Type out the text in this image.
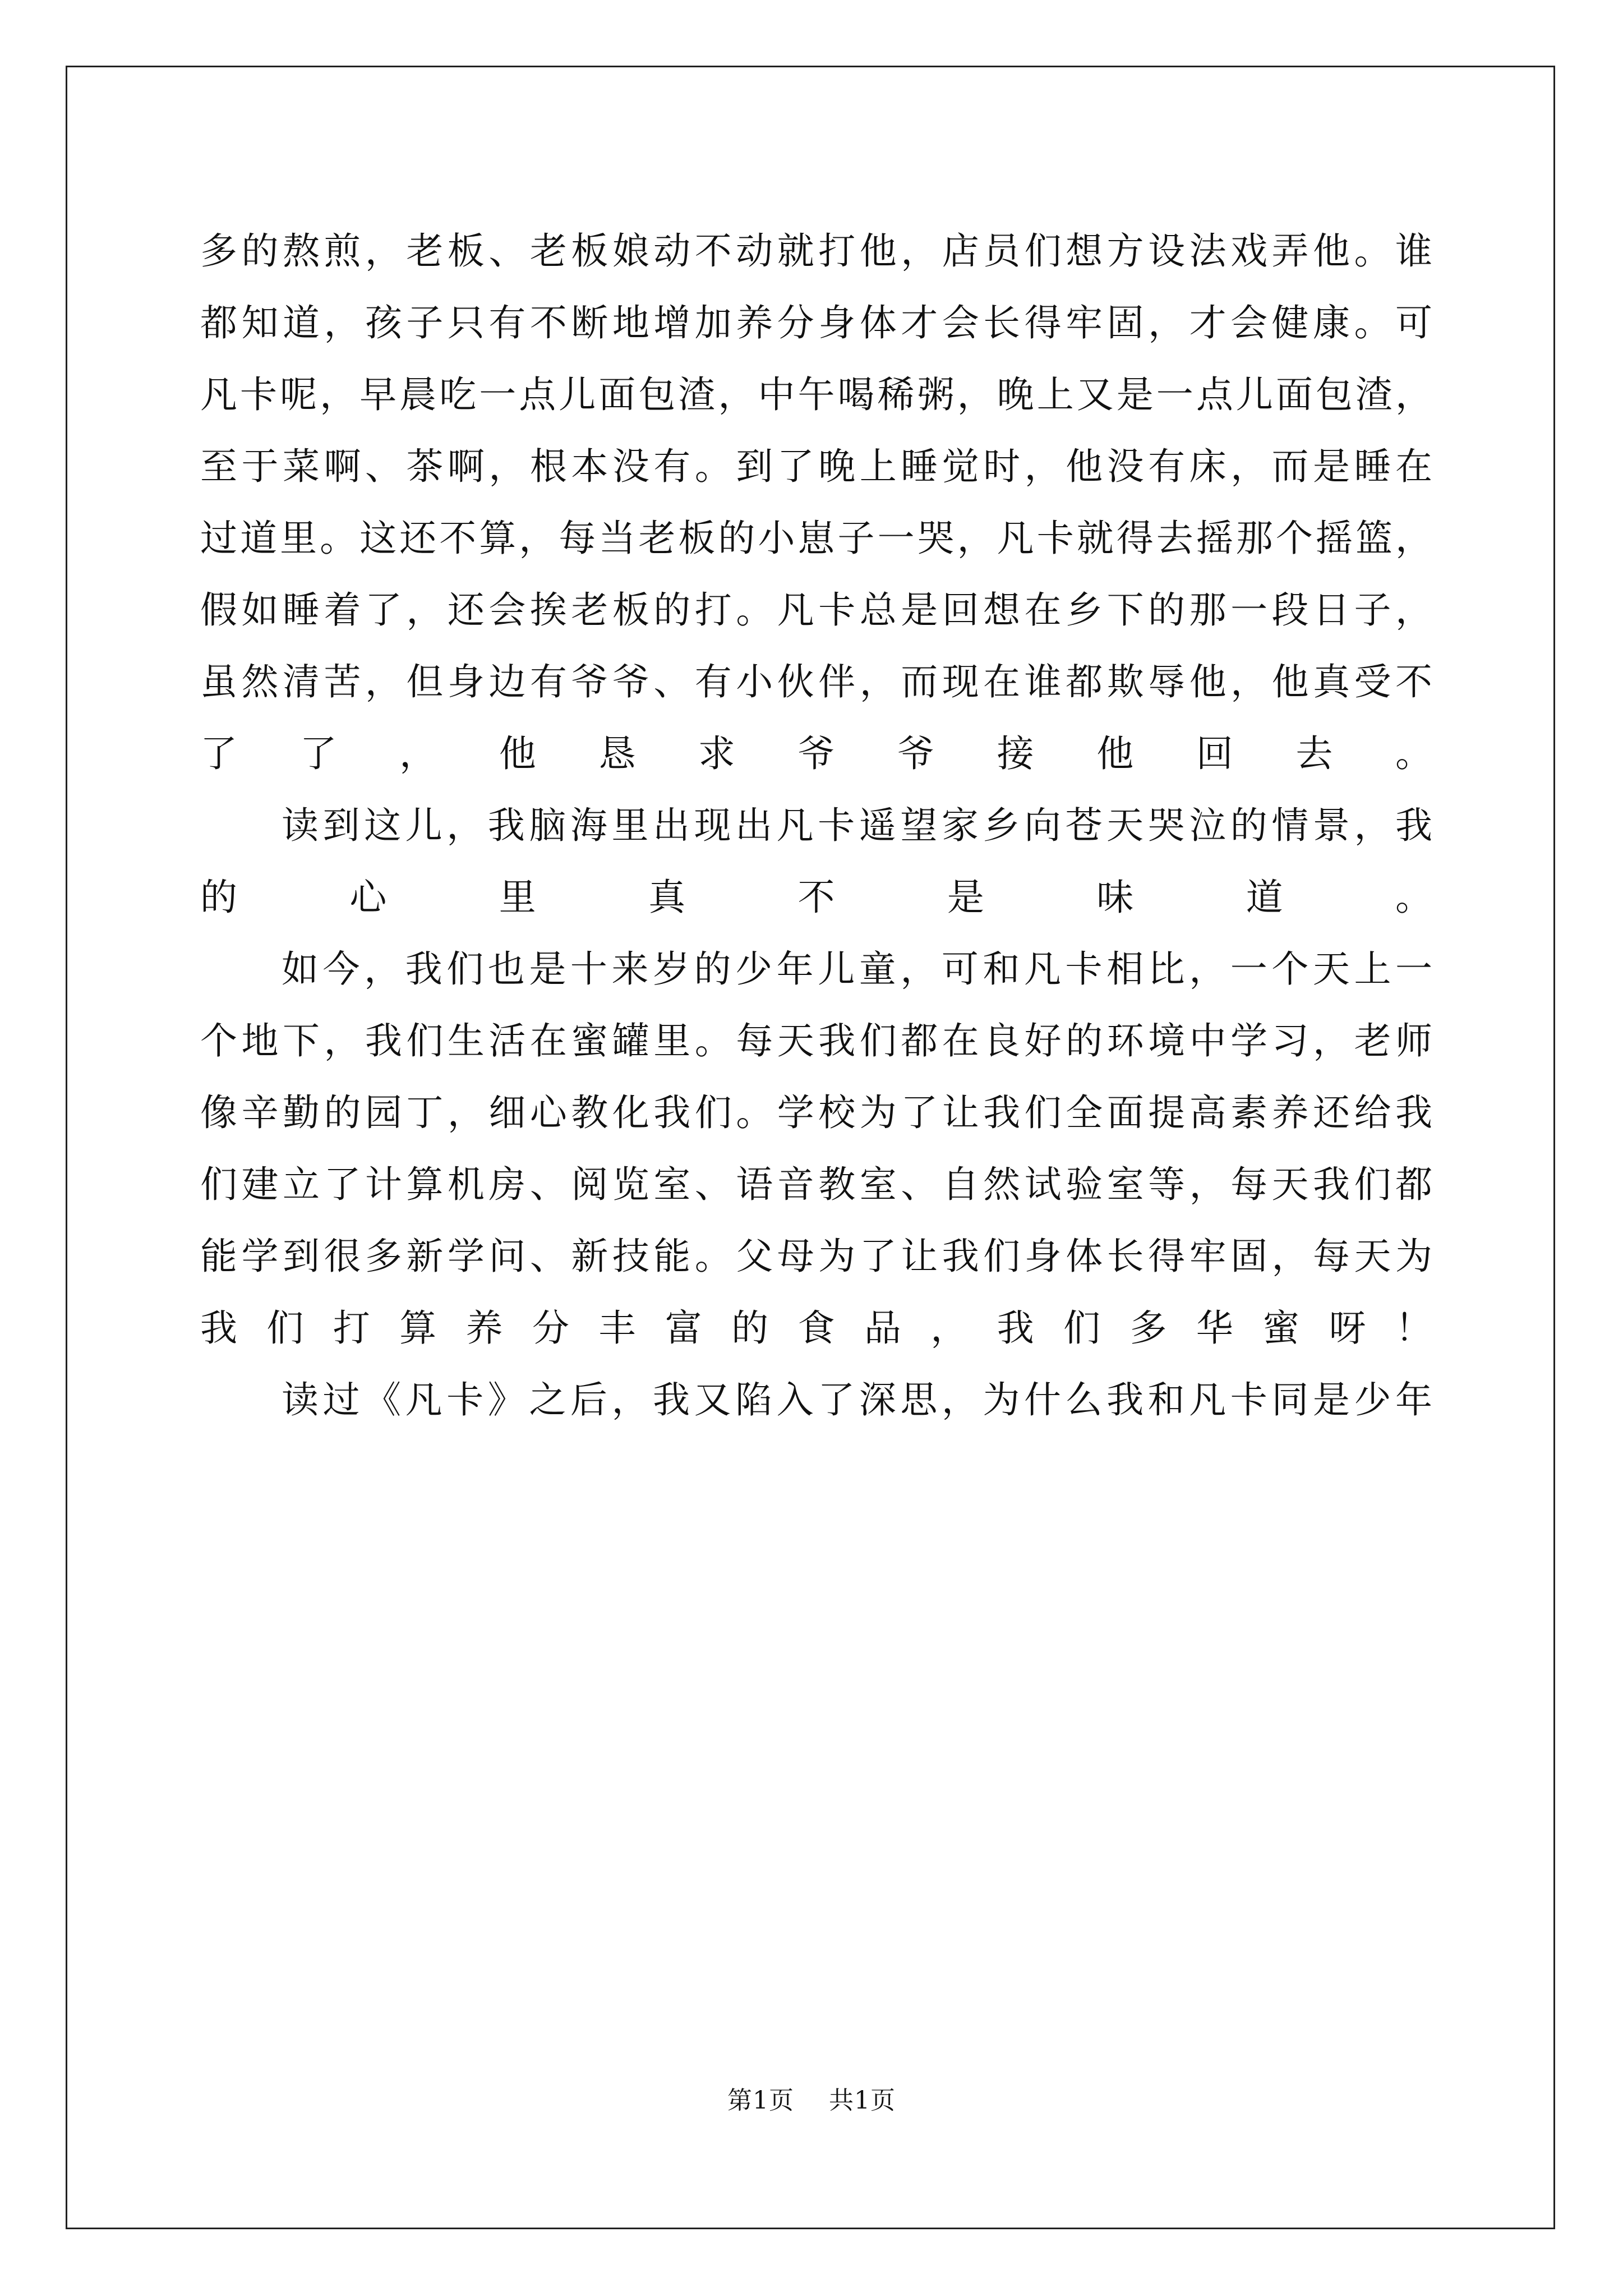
多的熬煎，老板、老板娘动不动就打他，店员们想方设法戏弄他。谁
都知道，孩子只有不断地增加养分身体才会长得牢固，才会健康。可
凡卡呢，早晨吃一点儿面包渣，中午喝稀粥，晚上又是一点儿面包渣，
至于菜啊、茶啊，根本没有。到了晚上睡觉时，他没有床，而是睡在
过道里。这还不算，每当老板的小崽子一哭，凡卡就得去摇那个摇篮，
假如睡着了，还会挨老板的打。凡卡总是回想在乡下的那一段日子，
虽然清苦，但身边有爷爷、有小伙伴，而现在谁都欺辱他，他真受不
了了，他恳求爷爷接他回去。
读到这儿，我脑海里出现出凡卡遥望家乡向苍天哭泣的情景，我
的心里真不是味道。
如今，我们也是十来岁的少年儿童，可和凡卡相比，一个天上一
个地下，我们生活在蜜罐里。每天我们都在良好的环境中学习，老师
像辛勤的园丁，细心教化我们。学校为了让我们全面提高素养还给我
们建立了计算机房、阅览室、语音教室、自然试验室等，每天我们都
能学到很多新学问、新技能。父母为了让我们身体长得牢固，每天为
我们打算养分丰富的食品，我们多华蜜呀！
读过《凡卡》之后，我又陷入了深思，为什么我和凡卡同是少年
第1页 共1页
